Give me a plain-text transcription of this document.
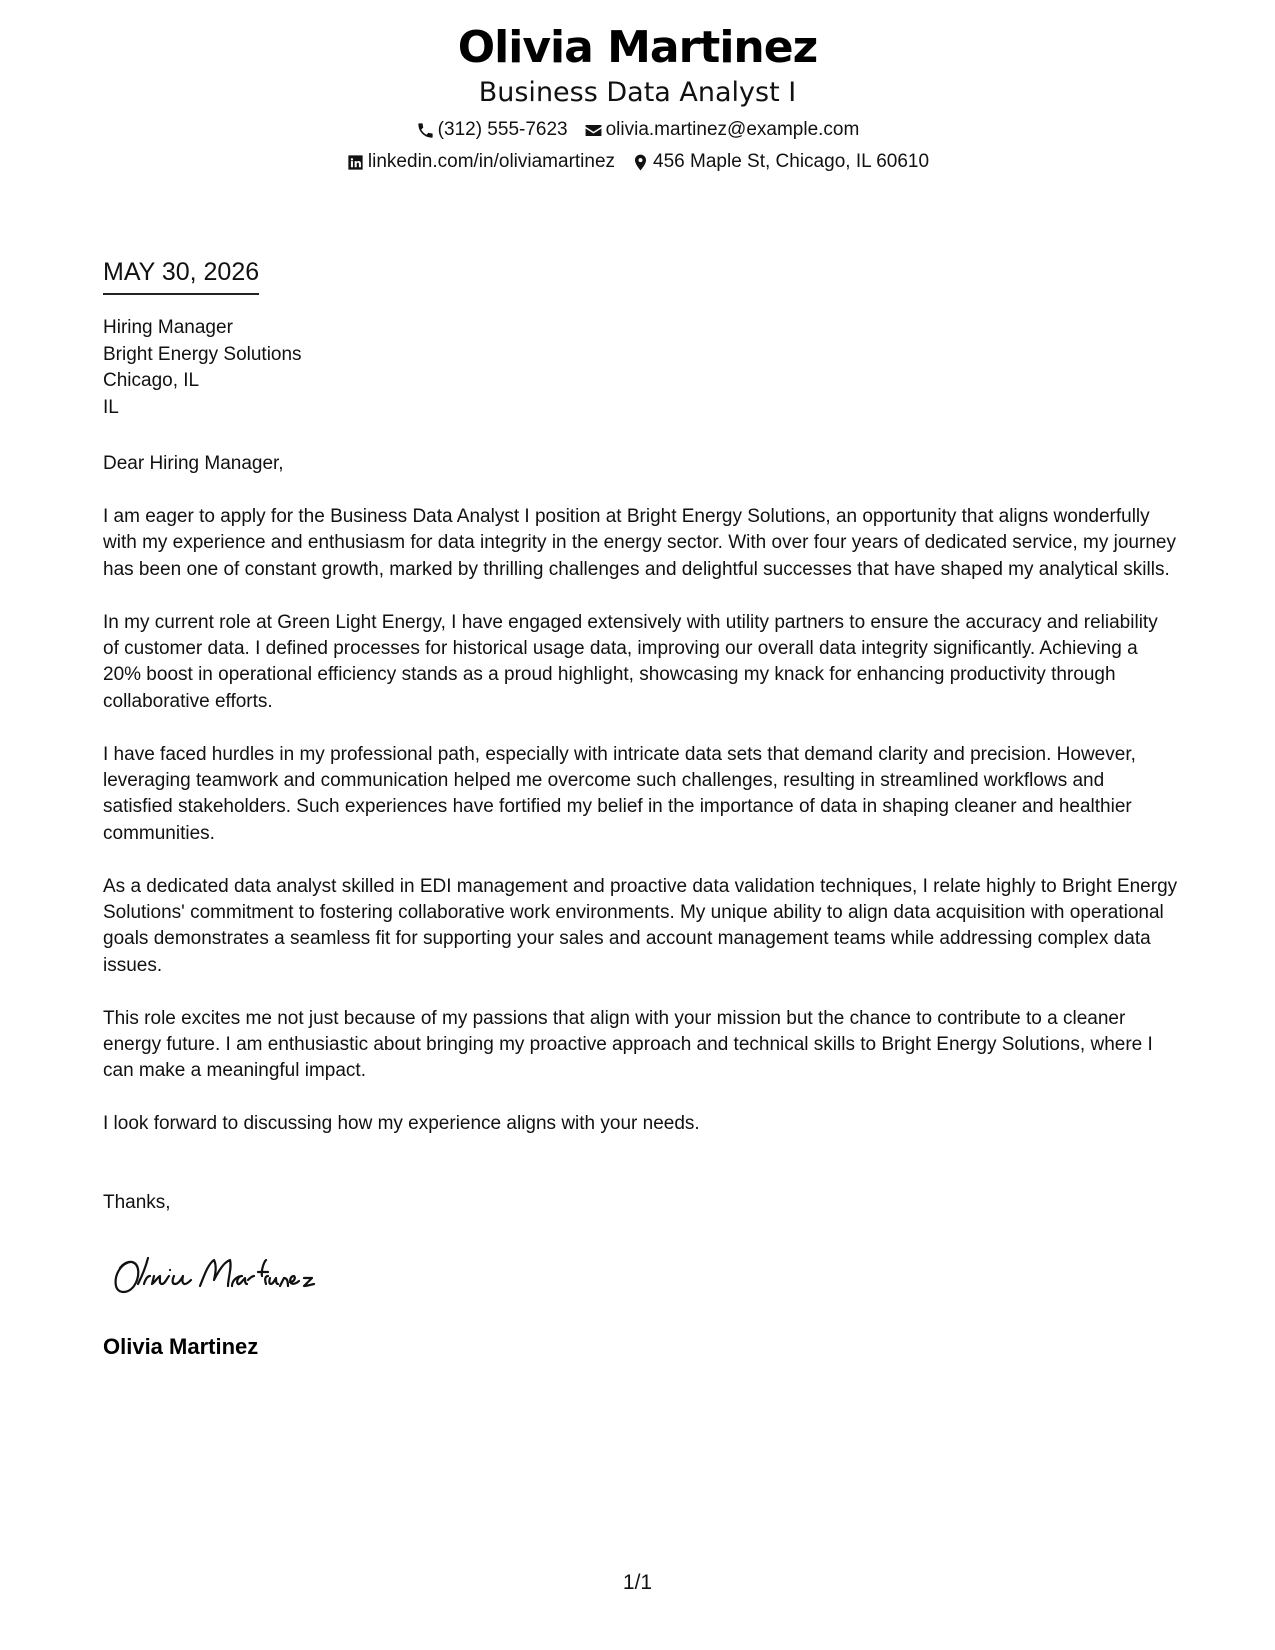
Olivia Martinez
Business Data Analyst I
(312) 555-7623 olivia.martinez@example.com
linkedin.com/in/oliviamartinez 456 Maple St, Chicago, IL 60610
MAY 30, 2026
Hiring Manager
Bright Energy Solutions
Chicago, IL
IL
Dear Hiring Manager,

I am eager to apply for the Business Data Analyst I position at Bright Energy Solutions, an opportunity that aligns wonderfully with my experience and enthusiasm for data integrity in the energy sector. With over four years of dedicated service, my journey has been one of constant growth, marked by thrilling challenges and delightful successes that have shaped my analytical skills.

In my current role at Green Light Energy, I have engaged extensively with utility partners to ensure the accuracy and reliability of customer data. I defined processes for historical usage data, improving our overall data integrity significantly. Achieving a 20% boost in operational efficiency stands as a proud highlight, showcasing my knack for enhancing productivity through collaborative efforts.

I have faced hurdles in my professional path, especially with intricate data sets that demand clarity and precision. However, leveraging teamwork and communication helped me overcome such challenges, resulting in streamlined workflows and satisfied stakeholders. Such experiences have fortified my belief in the importance of data in shaping cleaner and healthier communities.

As a dedicated data analyst skilled in EDI management and proactive data validation techniques, I relate highly to Bright Energy Solutions' commitment to fostering collaborative work environments. My unique ability to align data acquisition with operational goals demonstrates a seamless fit for supporting your sales and account management teams while addressing complex data issues.

This role excites me not just because of my passions that align with your mission but the chance to contribute to a cleaner energy future. I am enthusiastic about bringing my proactive approach and technical skills to Bright Energy Solutions, where I can make a meaningful impact.

I look forward to discussing how my experience aligns with your needs.

Thanks,
Olivia Martinez
1/1
